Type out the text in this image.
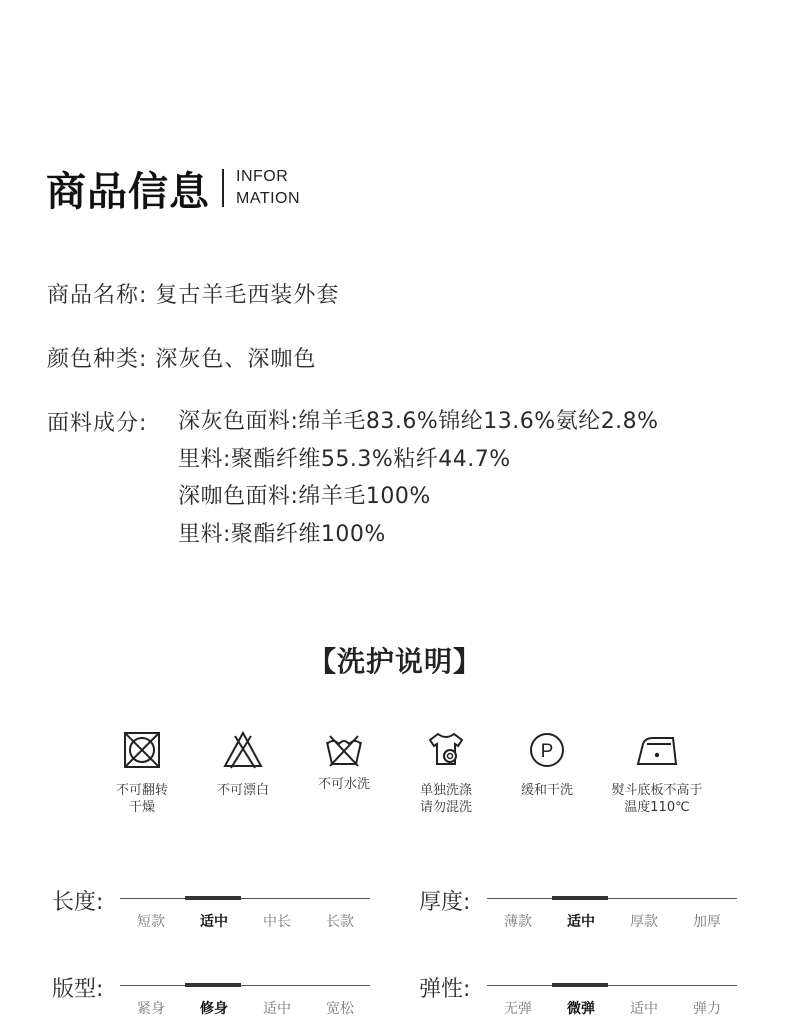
商品信息 INFOR
MATION
商品名称: 复古羊毛西装外套
颜色种类: 深灰色、深咖色
面料成分: 深灰色面料:绵羊毛83.6%锦纶13.6%氨纶2.8%
里料:聚酯纤维55.3%粘纤44.7%
深咖色面料:绵羊毛100%
里料:聚酯纤维100%
【洗护说明】
不可翻转
干燥
不可漂白	不可水洗	单独洗涤
请勿混洗
P
缓和干洗	熨斗底板不高于
温度110℃
长度:
短款	适中	中长	长款
厚度:
薄款	适中	厚款	加厚
版型:
紧身	修身	适中	宽松
弹性:
无弹	微弹	适中	弹力
